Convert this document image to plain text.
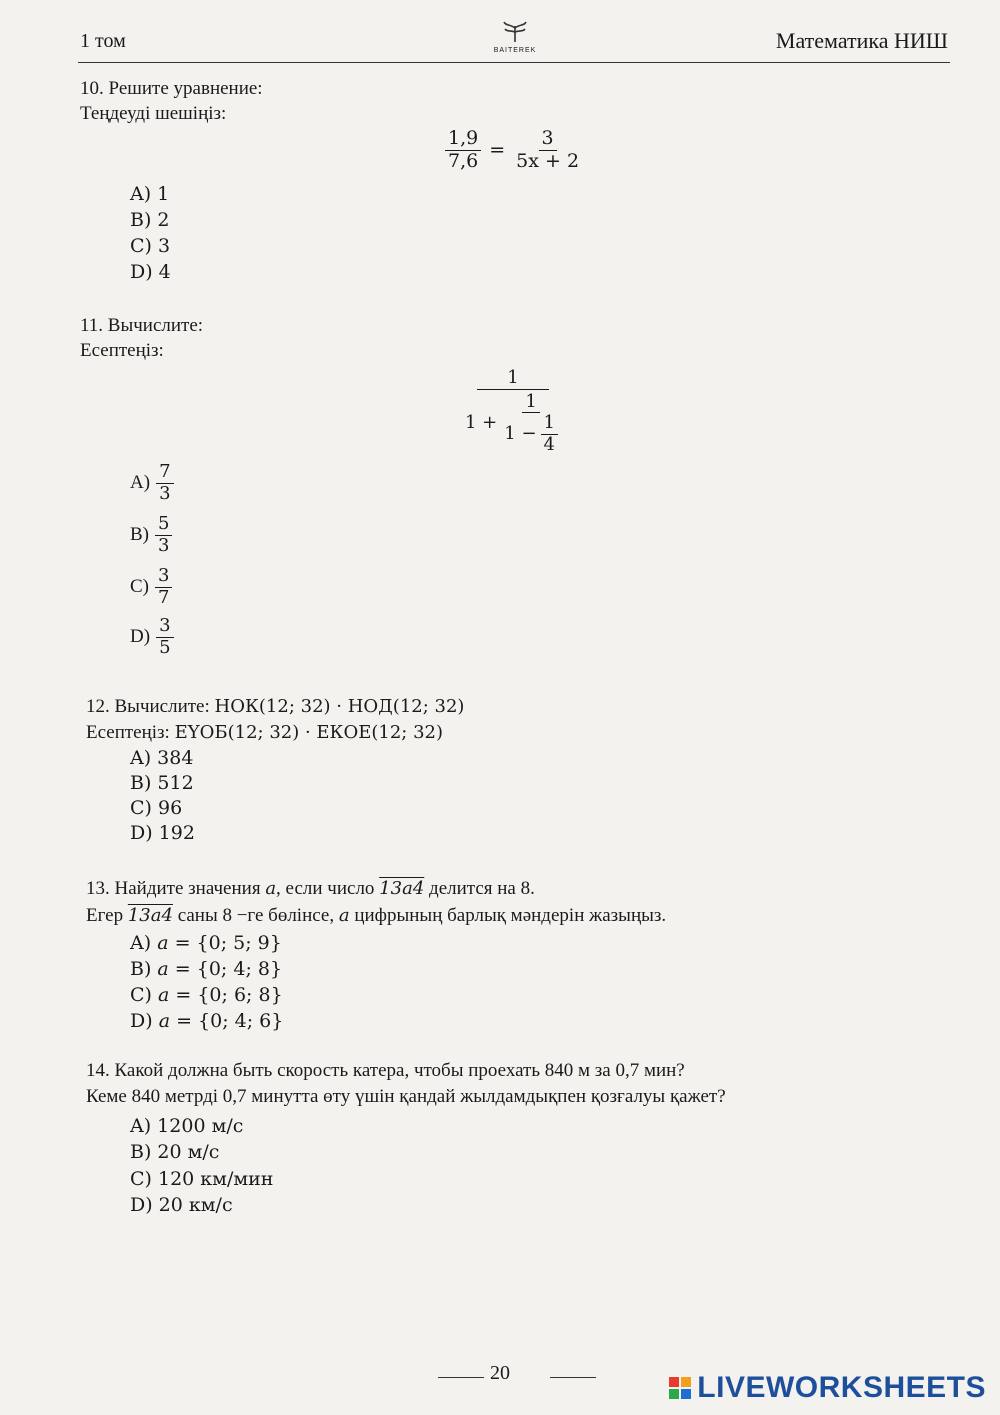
1 том	BAITEREK	Математика НИШ
10. Решите уравнение:
Теңдеуді шешіңіз:
$\frac{1,9}{7,6} = \frac{3}{5x + 2}$
A) 1
B) 2
C) 3
D) 4
11. Вычислите:
Есептеңіз:
1
$1 + \frac{1}{1 - \frac{1}{4}}$
$A) \frac{7}{3}$
$B) \frac{5}{3}$
$C) \frac{3}{7}$
$D) \frac{3}{5}$
12. Вычислите: НОК(12; 32) · НОД(12; 32)
Есептеңіз: ЕҮОБ(12; 32) · ЕКОЕ(12; 32)
A) 384
B) 512
C) 96
D) 192
13. Найдите значения a, если число 13a4 делится на 8.
Егер 13a4 саны 8 −ге бөлінсе, a цифрының барлық мәндерін жазыңыз.
A) a = {0; 5; 9}
B) a = {0; 4; 8}
C) a = {0; 6; 8}
D) a = {0; 4; 6}
14. Какой должна быть скорость катера, чтобы проехать 840 м за 0,7 мин?
Кеме 840 метрді 0,7 минутта өту үшін қандай жылдамдықпен қозғалуы қажет?
A) 1200 м/с
B) 20 м/с
C) 120 км/мин
D) 20 км/с
20	LIVEWORKSHEETS
